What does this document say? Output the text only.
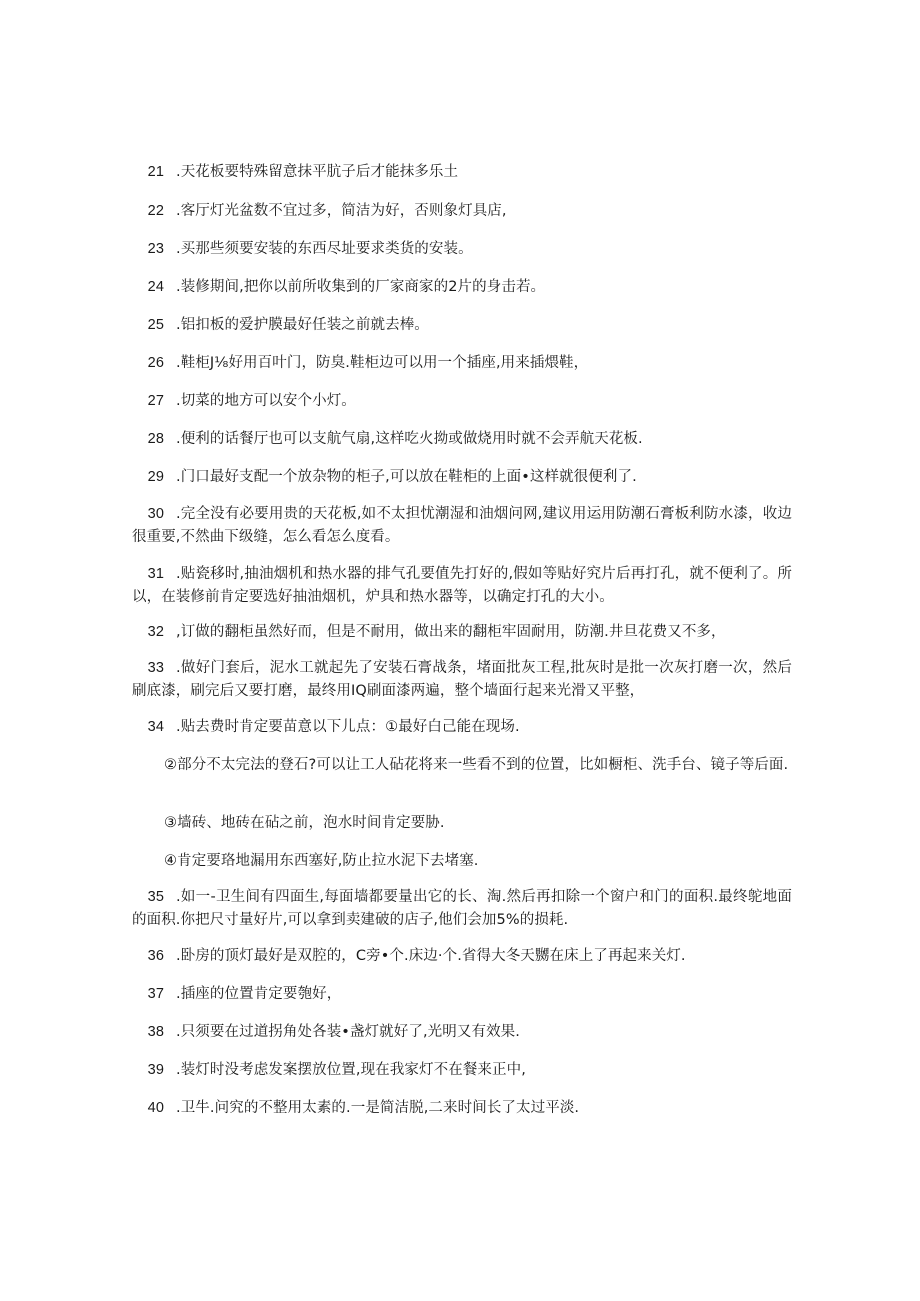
21 .天花板要特殊留意抹平肮子后才能抹多乐土
22 .客厅灯光盆数不宜过多，简洁为好，否则象灯具店,
23 .买那些须要安装的东西尽址要求类货的安装。
24 .装修期间,把你以前所收集到的厂家商家的2片的身击若。
25 .铝扣板的爱护膜最好任装之前就去棒。
26 .鞋柜J⅛好用百叶门，防臭.鞋柜边可以用一个插座,用来插煨鞋，
27 .切菜的地方可以安个小灯。
28 .便利的话餐厅也可以支航气扇,这样吃火拗或做烧用时就不会弄航天花板.
29 .门口最好支配一个放杂物的柜子,可以放在鞋柜的上面•这样就很便利了.
30 .完全没有必要用贵的天花板,如不太担忧潮湿和油烟问网,建议用运用防潮石膏板利防水漆，收边很重要,不然曲下级缝，怎么看怎么度看。
31 .贴瓷移时,抽油烟机和热水器的排气孔要值先打好的,假如等贴好究片后再打孔，就不便利了。所以，在装修前肯定要选好抽油烟机，炉具和热水器等，以确定打孔的大小。
32 ,订做的翻柜虽然好而，但是不耐用，做出来的翻柜牢固耐用，防潮.井旦花费又不多，
33 .做好门套后，泥水工就起先了安装石膏战条，堵面批灰工程,批灰时是批一次灰打磨一次，然后刷底漆，刷完后又要打磨，最终用IQ刷面漆两遍，整个墙面行起来光滑又平整，
34 .贴去费时肯定要苗意以下儿点：①最好白己能在现场.
②部分不太完法的登石?可以让工人砧花将来一些看不到的位置，比如橱柜、洗手台、镜子等后面.
③墙砖、地砖在砧之前，泡水时间肯定要胁.
④肯定要珞地漏用东西塞好,防止拉水泥下去堵塞.
35 .如一-卫生间有四面生,每面墙都要量出它的长、淘.然后再扣除一个窗户和门的面积.最终鸵地面的面积.你把尺寸量好片,可以拿到卖建破的店子,他们会加5%的损耗.
36 .卧房的顶灯最好是双腔的，C旁•个.床边·个.省得大冬天嬲在床上了再起来关灯.
37 .插座的位置肯定要匏好，
38 .只须要在过道拐角处各装•盏灯就好了,光明又有效果.
39 .装灯时没考虑发案摆放位置,现在我家灯不在餐来正中,
40 .卫牛.问究的不整用太素的.一是简洁脱,二来时间长了太过平淡.
